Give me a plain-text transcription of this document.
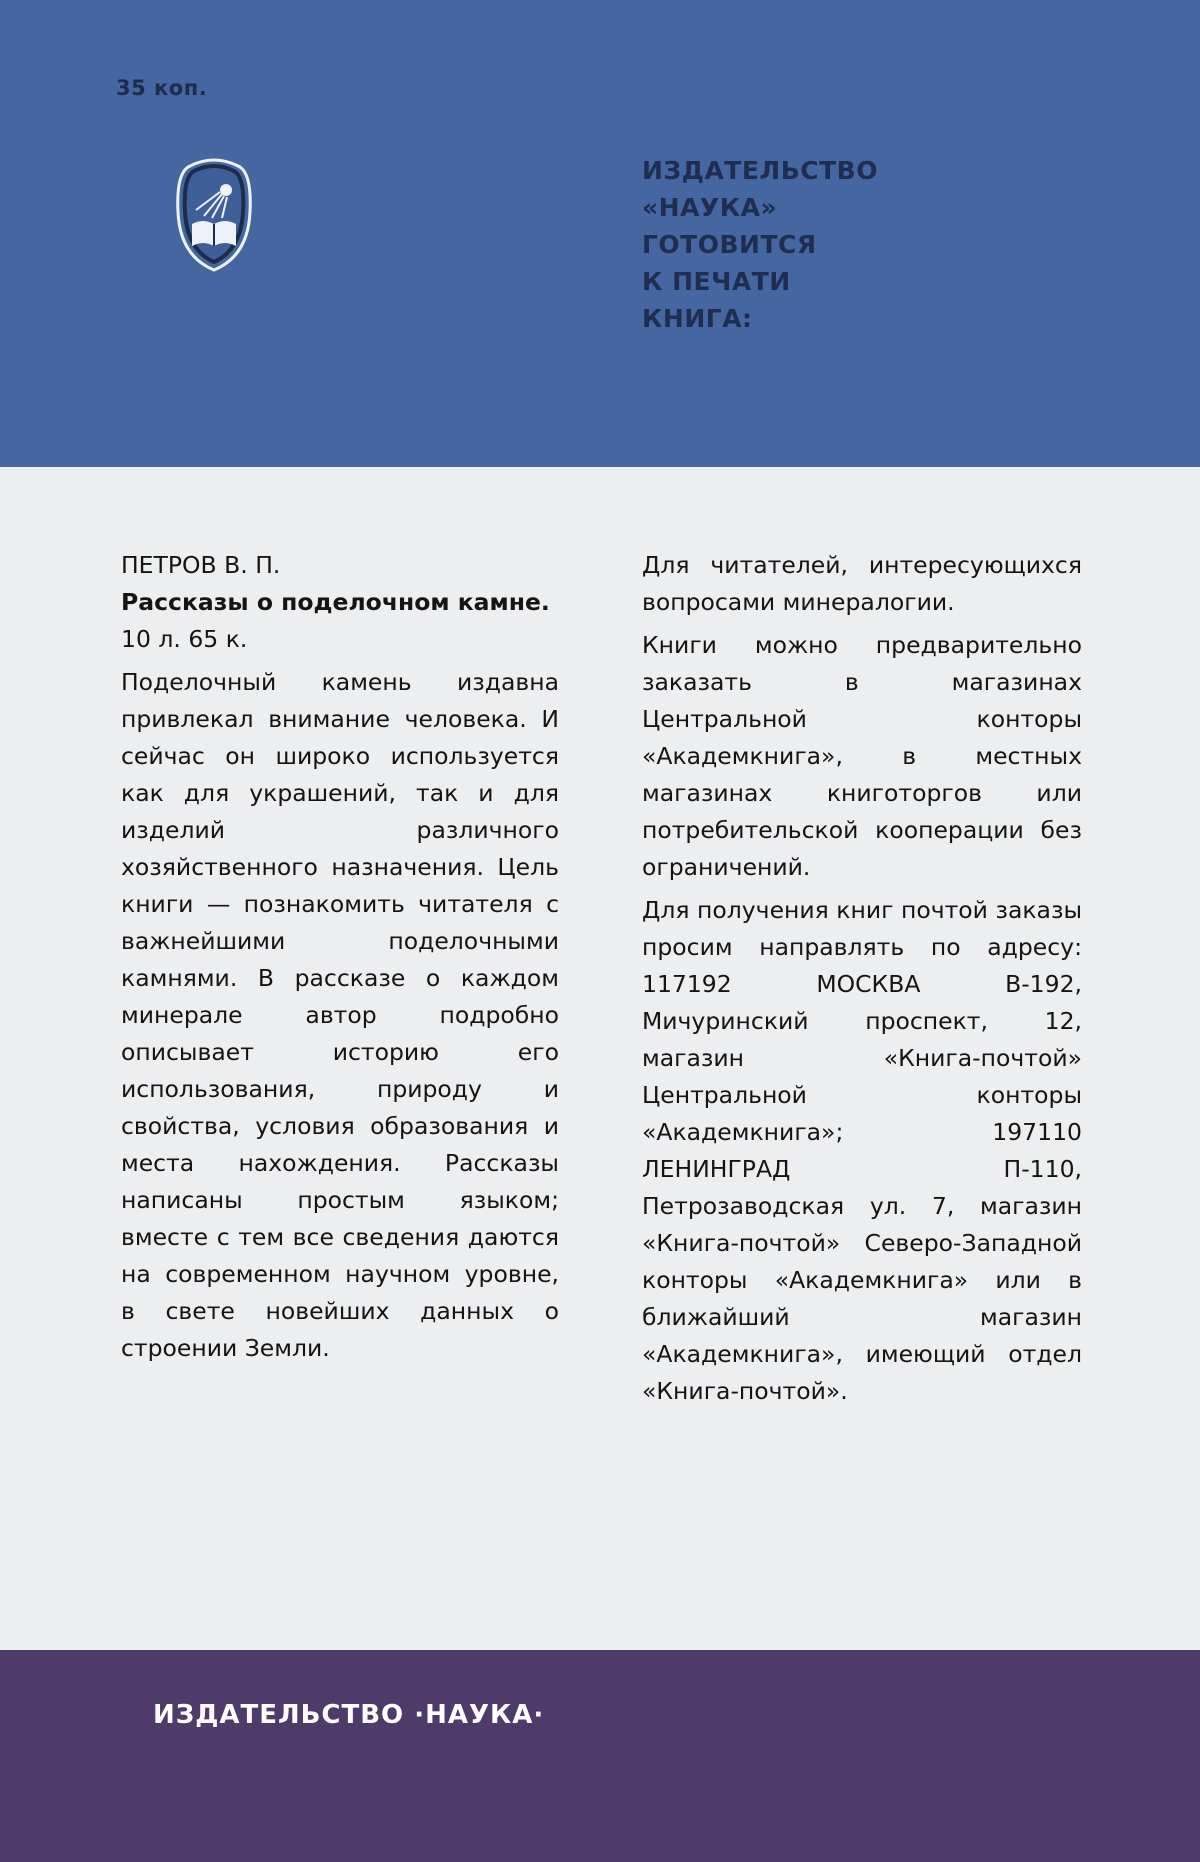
35 коп.
ИЗДАТЕЛЬСТВО
«НАУКА»
ГОТОВИТСЯ
К ПЕЧАТИ
КНИГА:

ПЕТРОВ В. П.

Рассказы о поделочном камне.

10 л. 65 к.

Поделочный камень издавна привлекал внимание человека. И сейчас он широко используется как для украшений, так и для изделий различного хозяйственного назначения. Цель книги — познакомить читателя с важнейшими поделочными камнями. В рассказе о каждом минерале автор подробно описывает историю его использования, природу и свойства, условия образования и места нахождения. Рассказы написаны простым языком; вместе с тем все сведения даются на современном научном уровне, в свете новейших данных о строении Земли.

Для читателей, интересующихся вопросами минералогии.

Книги можно предварительно заказать в магазинах Центральной конторы «Академкнига», в местных магазинах книготоргов или потребительской кооперации без ограничений.

Для получения книг почтой заказы просим направлять по адресу: 117192 МОСКВА В-192, Мичуринский проспект, 12, магазин «Книга-почтой» Центральной конторы «Академкнига»; 197110 ЛЕНИНГРАД П-110, Петрозаводская ул. 7, магазин «Книга-почтой» Северо-Западной конторы «Академкнига» или в ближайший магазин «Академкнига», имеющий отдел «Книга-почтой».

ИЗДАТЕЛЬСТВО ·НАУКА·
